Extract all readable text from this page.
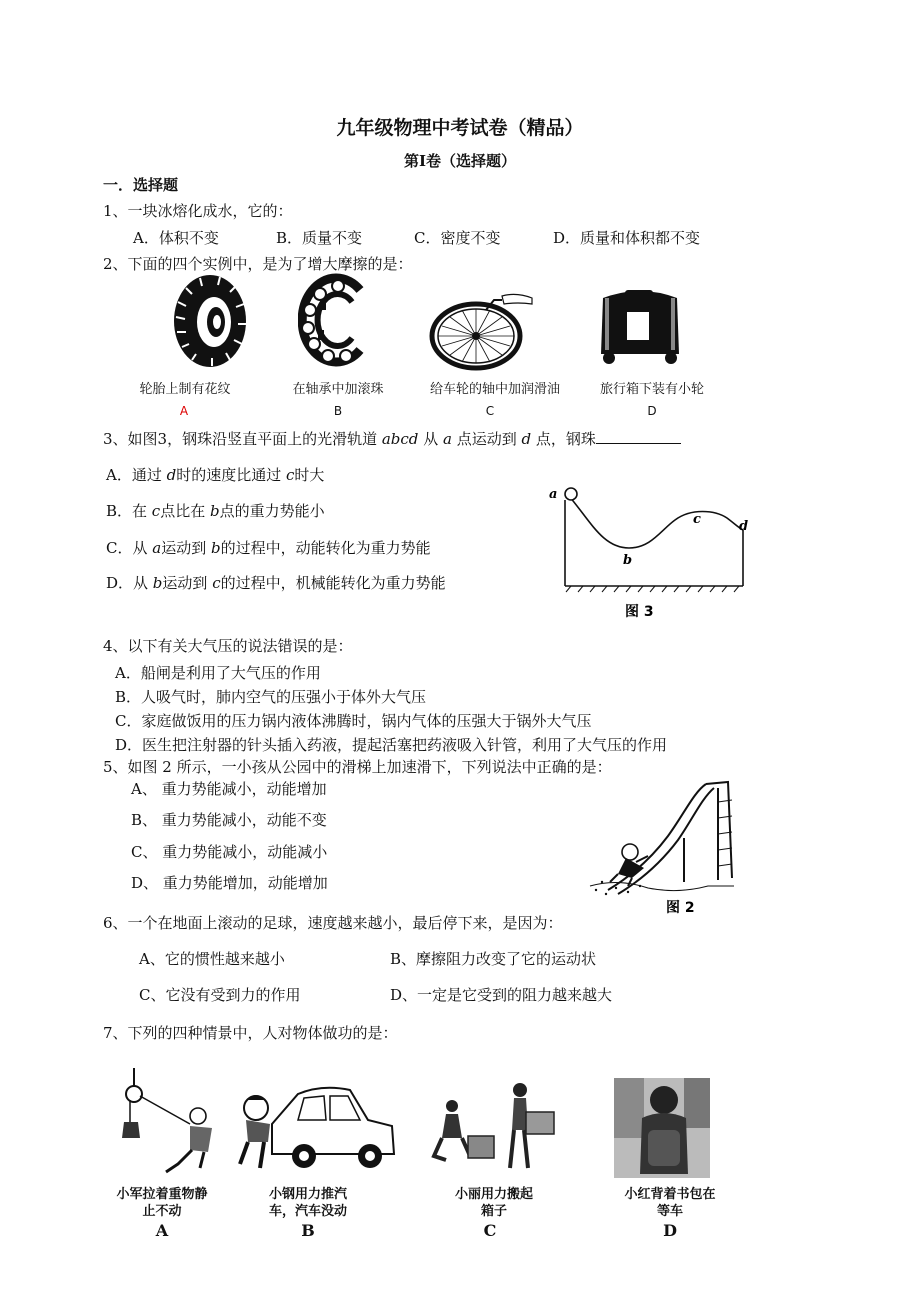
九年级物理中考试卷（精品）
第Ⅰ卷（选择题）
一．选择题
1、一块冰熔化成水，它的：
A．体积不变	B．质量不变	C．密度不变	D．质量和体积都不变
2、下面的四个实例中，是为了增大摩擦的是：
轮胎上制有花纹	在轴承中加滚珠	给车轮的轴中加润滑油	旅行箱下装有小轮
A	B	C	D
3、如图3，钢珠沿竖直平面上的光滑轨道 abcd 从 a 点运动到 d 点，钢珠
A．通过 d时的速度比通过 c时大
B．在 c点比在 b点的重力势能小
C．从 a运动到 b的过程中，动能转化为重力势能
D．从 b运动到 c的过程中，机械能转化为重力势能
a
b
c	d
图 3
4、以下有关大气压的说法错误的是：
A．船闸是利用了大气压的作用
B．人吸气时，肺内空气的压强小于体外大气压
C．家庭做饭用的压力锅内液体沸腾时，锅内气体的压强大于锅外大气压
D．医生把注射器的针头插入药液，提起活塞把药液吸入针管，利用了大气压的作用
5、如图 2 所示，一小孩从公园中的滑梯上加速滑下，下列说法中正确的是：
A、 重力势能减小，动能增加
B、 重力势能减小，动能不变
C、 重力势能减小，动能减小
D、 重力势能增加，动能增加
图 2
6、一个在地面上滚动的足球，速度越来越小，最后停下来，是因为：
A、它的惯性越来越小	B、摩擦阻力改变了它的运动状
C、它没有受到力的作用	D、一定是它受到的阻力越来越大
7、下列的四种情景中，人对物体做功的是：
小军拉着重物静止不动
小钢用力推汽车，汽车没动
小丽用力搬起箱子
小红背着书包在等车
A	B	C	D
